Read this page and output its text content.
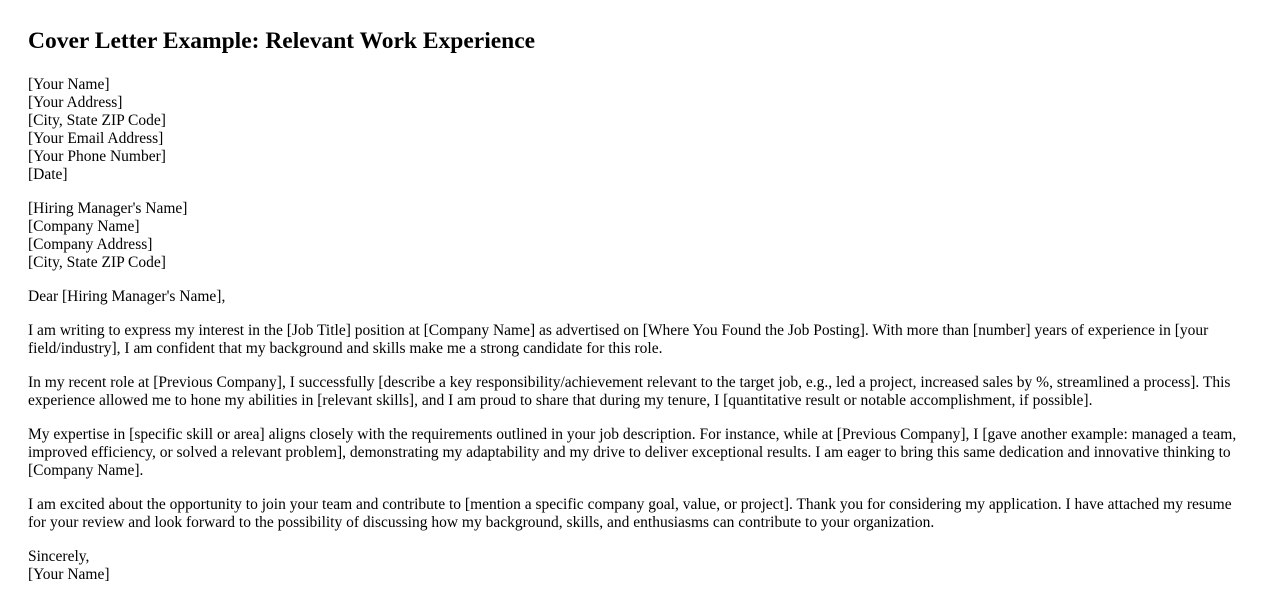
Cover Letter Example: Relevant Work Experience
[Your Name]
[Your Address]
[City, State ZIP Code]
[Your Email Address]
[Your Phone Number]
[Date]
[Hiring Manager's Name]
[Company Name]
[Company Address]
[City, State ZIP Code]

Dear [Hiring Manager's Name],

I am writing to express my interest in the [Job Title] position at [Company Name] as advertised on [Where You Found the Job Posting]. With more than [number] years of experience in [your field/industry], I am confident that my background and skills make me a strong candidate for this role.

In my recent role at [Previous Company], I successfully [describe a key responsibility/achievement relevant to the target job, e.g., led a project, increased sales by %, streamlined a process]. This experience allowed me to hone my abilities in [relevant skills], and I am proud to share that during my tenure, I [quantitative result or notable accomplishment, if possible].

My expertise in [specific skill or area] aligns closely with the requirements outlined in your job description. For instance, while at [Previous Company], I [gave another example: managed a team, improved efficiency, or solved a relevant problem], demonstrating my adaptability and my drive to deliver exceptional results. I am eager to bring this same dedication and innovative thinking to [Company Name].

I am excited about the opportunity to join your team and contribute to [mention a specific company goal, value, or project]. Thank you for considering my application. I have attached my resume for your review and look forward to the possibility of discussing how my background, skills, and enthusiasms can contribute to your organization.

Sincerely,
[Your Name]
